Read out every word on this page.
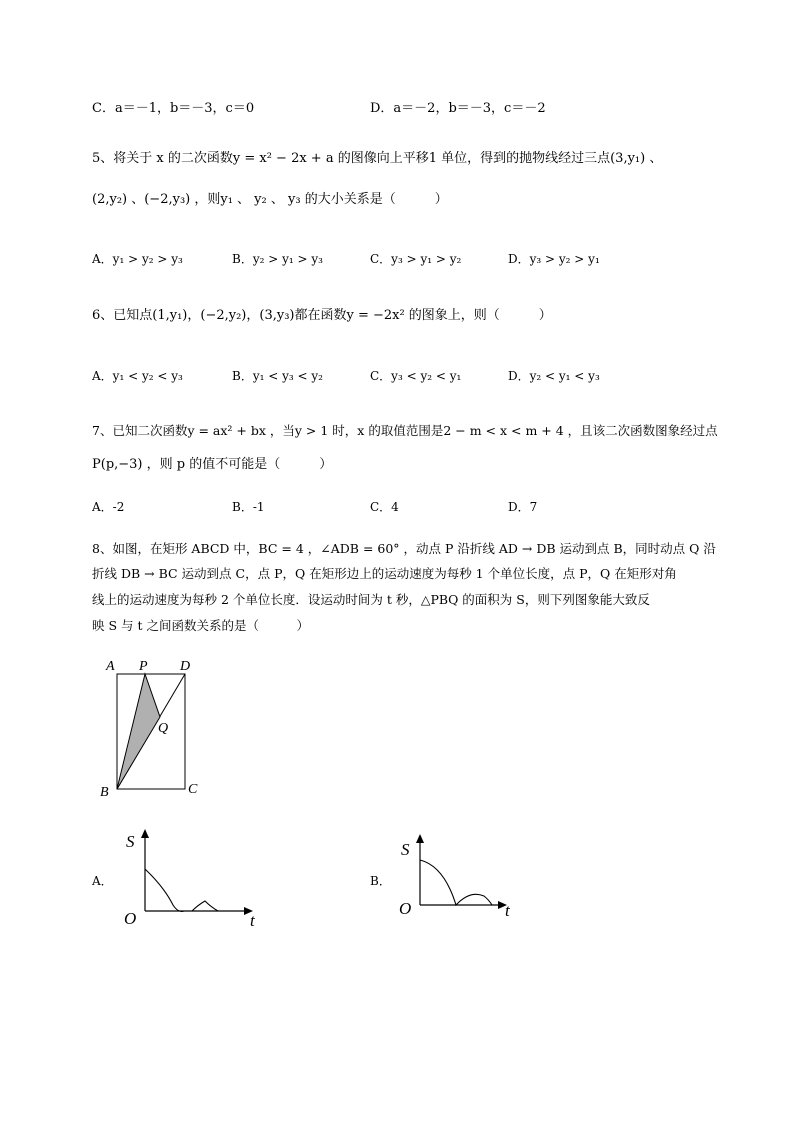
C．a＝－1，b＝－3，c＝0	D．a＝－2，b＝－3，c＝－2
5、将关于 x 的二次函数y = x² − 2x + a 的图像向上平移1 单位，得到的抛物线经过三点(3,y₁) 、
(2,y₂) 、(−2,y₃) ，则y₁ 、 y₂ 、 y₃ 的大小关系是（　　　）
A．y₁ > y₂ > y₃	B．y₂ > y₁ > y₃	C．y₃ > y₁ > y₂	D．y₃ > y₂ > y₁
6、已知点(1,y₁)，(−2,y₂)，(3,y₃)都在函数y = −2x² 的图象上，则（　　　）
A．y₁ < y₂ < y₃	B．y₁ < y₃ < y₂	C．y₃ < y₂ < y₁	D．y₂ < y₁ < y₃
7、已知二次函数y = ax² + bx ，当y > 1 时，x 的取值范围是2 − m < x < m + 4 ，且该二次函数图象经过点
P(p,−3) ，则 p 的值不可能是（　　　）
A．-2	B．-1	C．4	D．7
8、如图，在矩形 ABCD 中，BC = 4 ，∠ADB = 60° ，动点 P 沿折线 AD → DB 运动到点 B，同时动点 Q 沿
折线 DB → BC 运动到点 C，点 P，Q 在矩形边上的运动速度为每秒 1 个单位长度，点 P，Q 在矩形对角
线上的运动速度为每秒 2 个单位长度．设运动时间为 t 秒，△PBQ 的面积为 S，则下列图象能大致反
映 S 与 t 之间函数关系的是（　　　）
A P D
Q
B	C
A．
S
O	t
B．
S
O	t
